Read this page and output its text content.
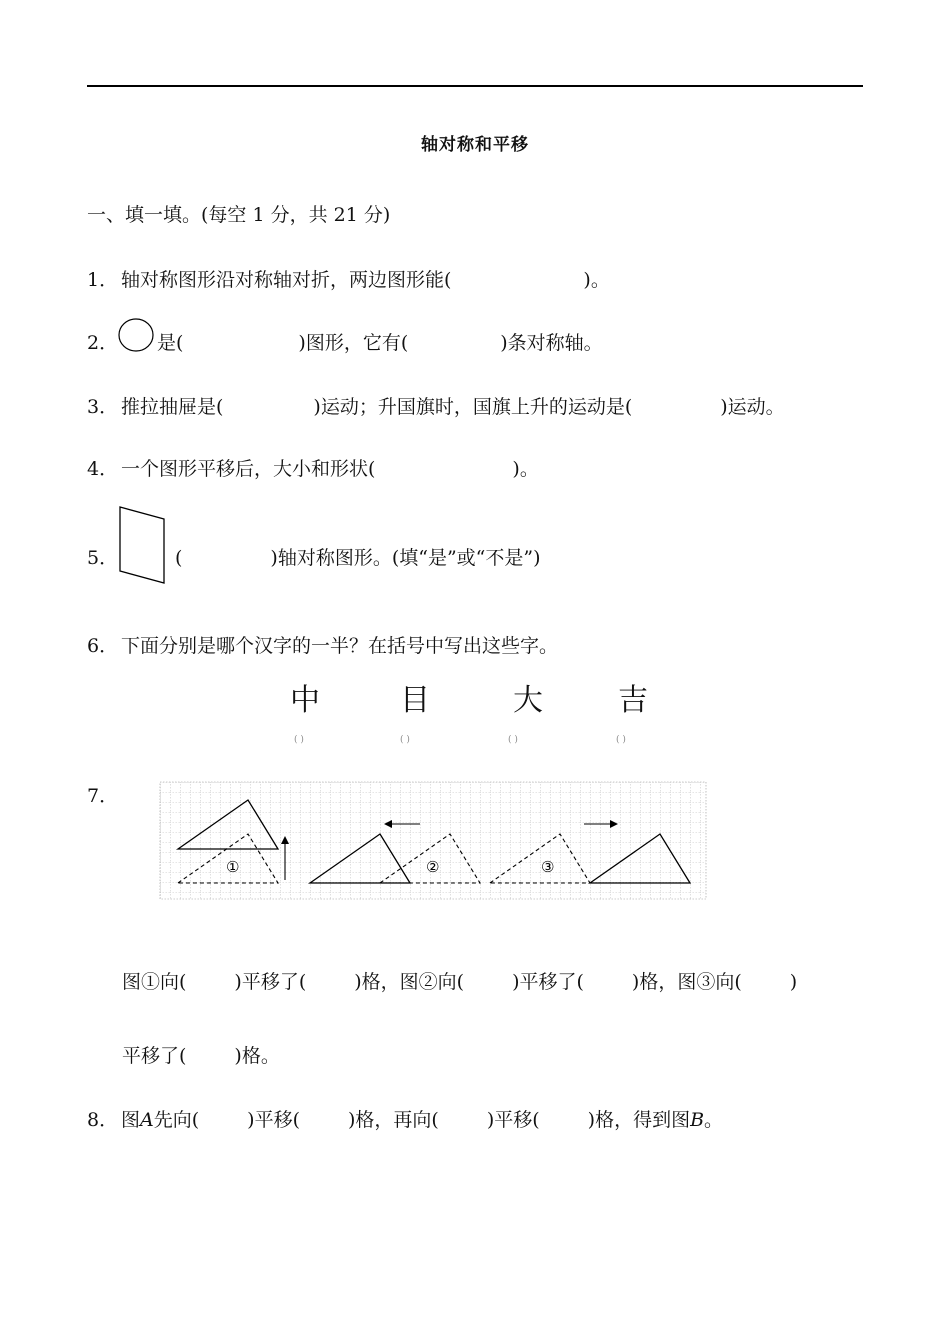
轴对称和平移
一、填一填。(每空 1 分，共 21 分)
1． 轴对称图形沿对称轴对折，两边图形能(	)。
2． 是(	)图形，它有(	)条对称轴。
3． 推拉抽屉是(	)运动；升国旗时，国旗上升的运动是(	)运动。
4． 一个图形平移后，大小和形状(	)。
5．	(	)轴对称图形。(填“是”或“不是”)
6． 下面分别是哪个汉字的一半？在括号中写出这些字。
中	目	大	吉
( )	( )	( )	( )
7．
①	②	③
图①向(	)平移了(	)格，图②向(	)平移了(	)格，图③向(	)
平移了(	)格。
8． 图A先向(	)平移(	)格，再向(	)平移(	)格，得到图B。
